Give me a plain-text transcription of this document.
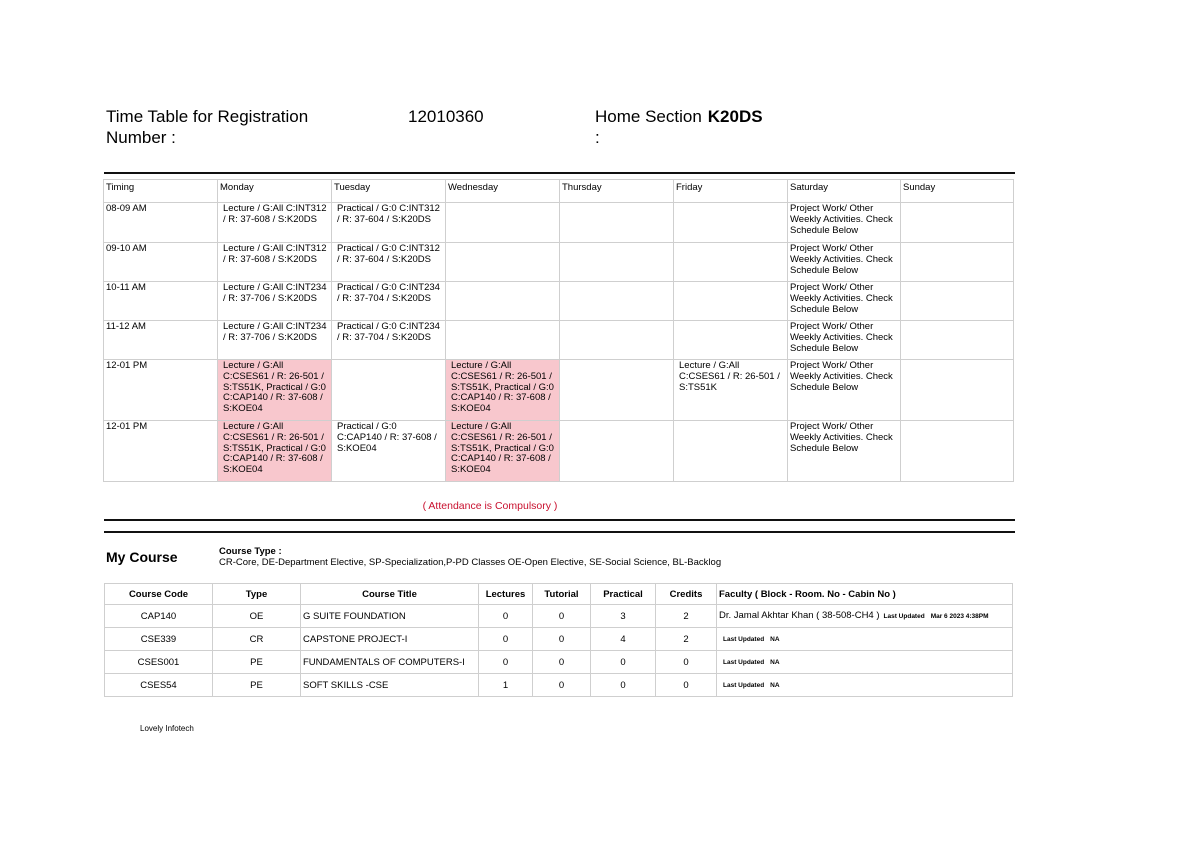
Time Table for Registration Number :
12010360	Home Section K20DS
:
Timing	Monday	Tuesday	Wednesday	Thursday	Friday	Saturday	Sunday
08-09 AM	Lecture / G:All C:INT312 / R: 37-608 / S:K20DS	Practical / G:0 C:INT312 / R: 37-604 / S:K20DS				Project Work/ Other Weekly Activities. Check Schedule Below	
09-10 AM	Lecture / G:All C:INT312 / R: 37-608 / S:K20DS	Practical / G:0 C:INT312 / R: 37-604 / S:K20DS				Project Work/ Other Weekly Activities. Check Schedule Below	
10-11 AM	Lecture / G:All C:INT234 / R: 37-706 / S:K20DS	Practical / G:0 C:INT234 / R: 37-704 / S:K20DS				Project Work/ Other Weekly Activities. Check Schedule Below	
11-12 AM	Lecture / G:All C:INT234 / R: 37-706 / S:K20DS	Practical / G:0 C:INT234 / R: 37-704 / S:K20DS				Project Work/ Other Weekly Activities. Check Schedule Below	
12-01 PM	Lecture / G:All C:CSES61 / R: 26-501 / S:TS51K, Practical / G:0 C:CAP140 / R: 37-608 / S:KOE04		Lecture / G:All C:CSES61 / R: 26-501 / S:TS51K, Practical / G:0 C:CAP140 / R: 37-608 / S:KOE04		Lecture / G:All C:CSES61 / R: 26-501 / S:TS51K	Project Work/ Other Weekly Activities. Check Schedule Below	
12-01 PM	Lecture / G:All C:CSES61 / R: 26-501 / S:TS51K, Practical / G:0 C:CAP140 / R: 37-608 / S:KOE04	Practical / G:0 C:CAP140 / R: 37-608 / S:KOE04	Lecture / G:All C:CSES61 / R: 26-501 / S:TS51K, Practical / G:0 C:CAP140 / R: 37-608 / S:KOE04			Project Work/ Other Weekly Activities. Check Schedule Below	
( Attendance is Compulsory )
My Course	Course Type :
CR-Core, DE-Department Elective, SP-Specialization,P-PD Classes OE-Open Elective, SE-Social Science, BL-Backlog
Course Code	Type	Course Title	Lectures	Tutorial	Practical	Credits	Faculty ( Block - Room. No - Cabin No )
CAP140	OE	G SUITE FOUNDATION	0	0	3	2	Dr. Jamal Akhtar Khan ( 38-508-CH4 ) Last Updated Mar 6 2023 4:38PM
CSE339	CR	CAPSTONE PROJECT-I	0	0	4	2	Last Updated NA
CSES001	PE	FUNDAMENTALS OF COMPUTERS-I	0	0	0	0	Last Updated NA
CSES54	PE	SOFT SKILLS -CSE	1	0	0	0	Last Updated NA
Lovely Infotech
